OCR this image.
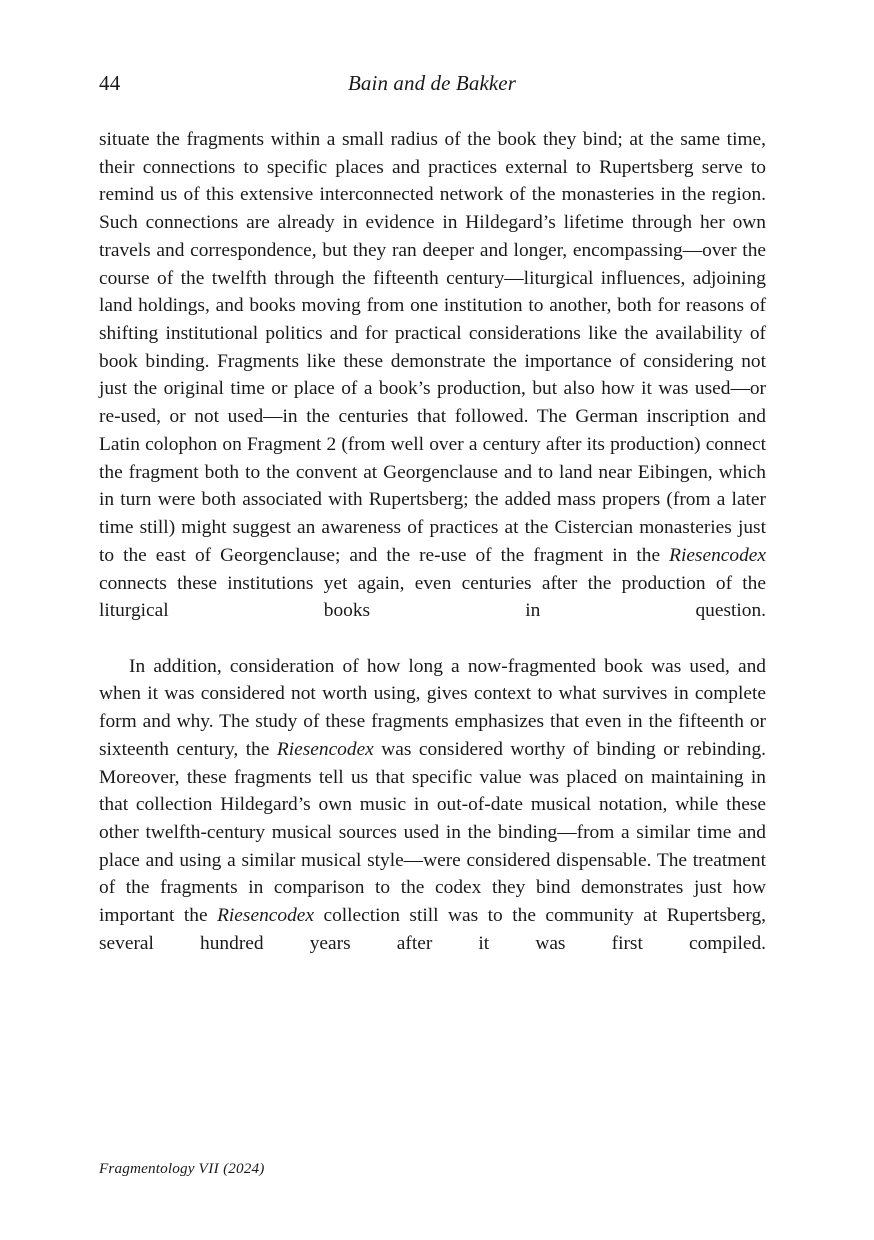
44	Bain and de Bakker

situate the fragments within a small radius of the book they bind; at the same time, their connections to specific places and practices external to Rupertsberg serve to remind us of this extensive interconnected network of the monasteries in the region. Such connections are already in evidence in Hildegard’s lifetime through her own travels and correspondence, but they ran deeper and longer, encompassing—over the course of the twelfth through the fifteenth century—liturgical influences, adjoining land holdings, and books moving from one institution to another, both for reasons of shifting institutional politics and for practical considerations like the availability of book binding. Fragments like these demonstrate the importance of considering not just the original time or place of a book’s production, but also how it was used—or re-used, or not used—in the centuries that followed. The German inscription and Latin colophon on Fragment 2 (from well over a century after its production) connect the fragment both to the convent at Georgenclause and to land near Eibingen, which in turn were both associated with Rupertsberg; the added mass propers (from a later time still) might suggest an awareness of practices at the Cistercian monasteries just to the east of Georgenclause; and the re-use of the fragment in the Riesencodex connects these institutions yet again, even centuries after the production of the liturgical books in question.

In addition, consideration of how long a now-fragmented book was used, and when it was considered not worth using, gives context to what survives in complete form and why. The study of these fragments emphasizes that even in the fifteenth or sixteenth century, the Riesencodex was considered worthy of binding or rebinding. Moreover, these fragments tell us that specific value was placed on maintaining in that collection Hildegard’s own music in out-of-date musical notation, while these other twelfth-century musical sources used in the binding—from a similar time and place and using a similar musical style—were considered dispensable. The treatment of the fragments in comparison to the codex they bind demonstrates just how important the Riesencodex collection still was to the community at Rupertsberg, several hundred years after it was first compiled.

Fragmentology VII (2024)
